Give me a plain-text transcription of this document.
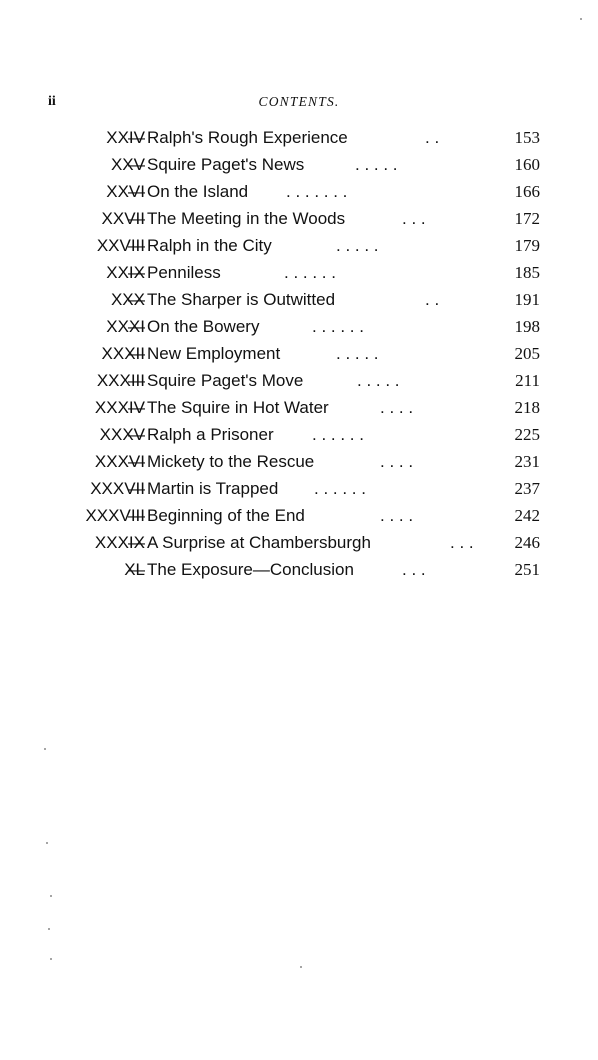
ii	CONTENTS.
XXIV Ralph's Rough Experience	. .	153
XXV Squire Paget's News	. . . . .	160
XXVI On the Island . . . . . . .	166
XXVII The Meeting in the Woods	. . .	172
XXVIII Ralph in the City	. . . . .	179
XXIX Penniless	. . . . . .	185
XXX The Sharper is Outwitted	. .	191
XXXI On the Bowery	. . . . . .	198
XXXII New Employment	. . . . .	205
XXXIII Squire Paget's Move	. . . . .	211
XXXIV The Squire in Hot Water	. . . .	218
XXXV Ralph a Prisoner . . . . . .	225
XXXVI Mickety to the Rescue	. . . .	231
XXXVII Martin is Trapped . . . . . .	237
XXXVIII Beginning of the End	. . . .	242
XXXIX A Surprise at Chambersburgh	. . . 246
XL The Exposure—Conclusion	. . .	251
